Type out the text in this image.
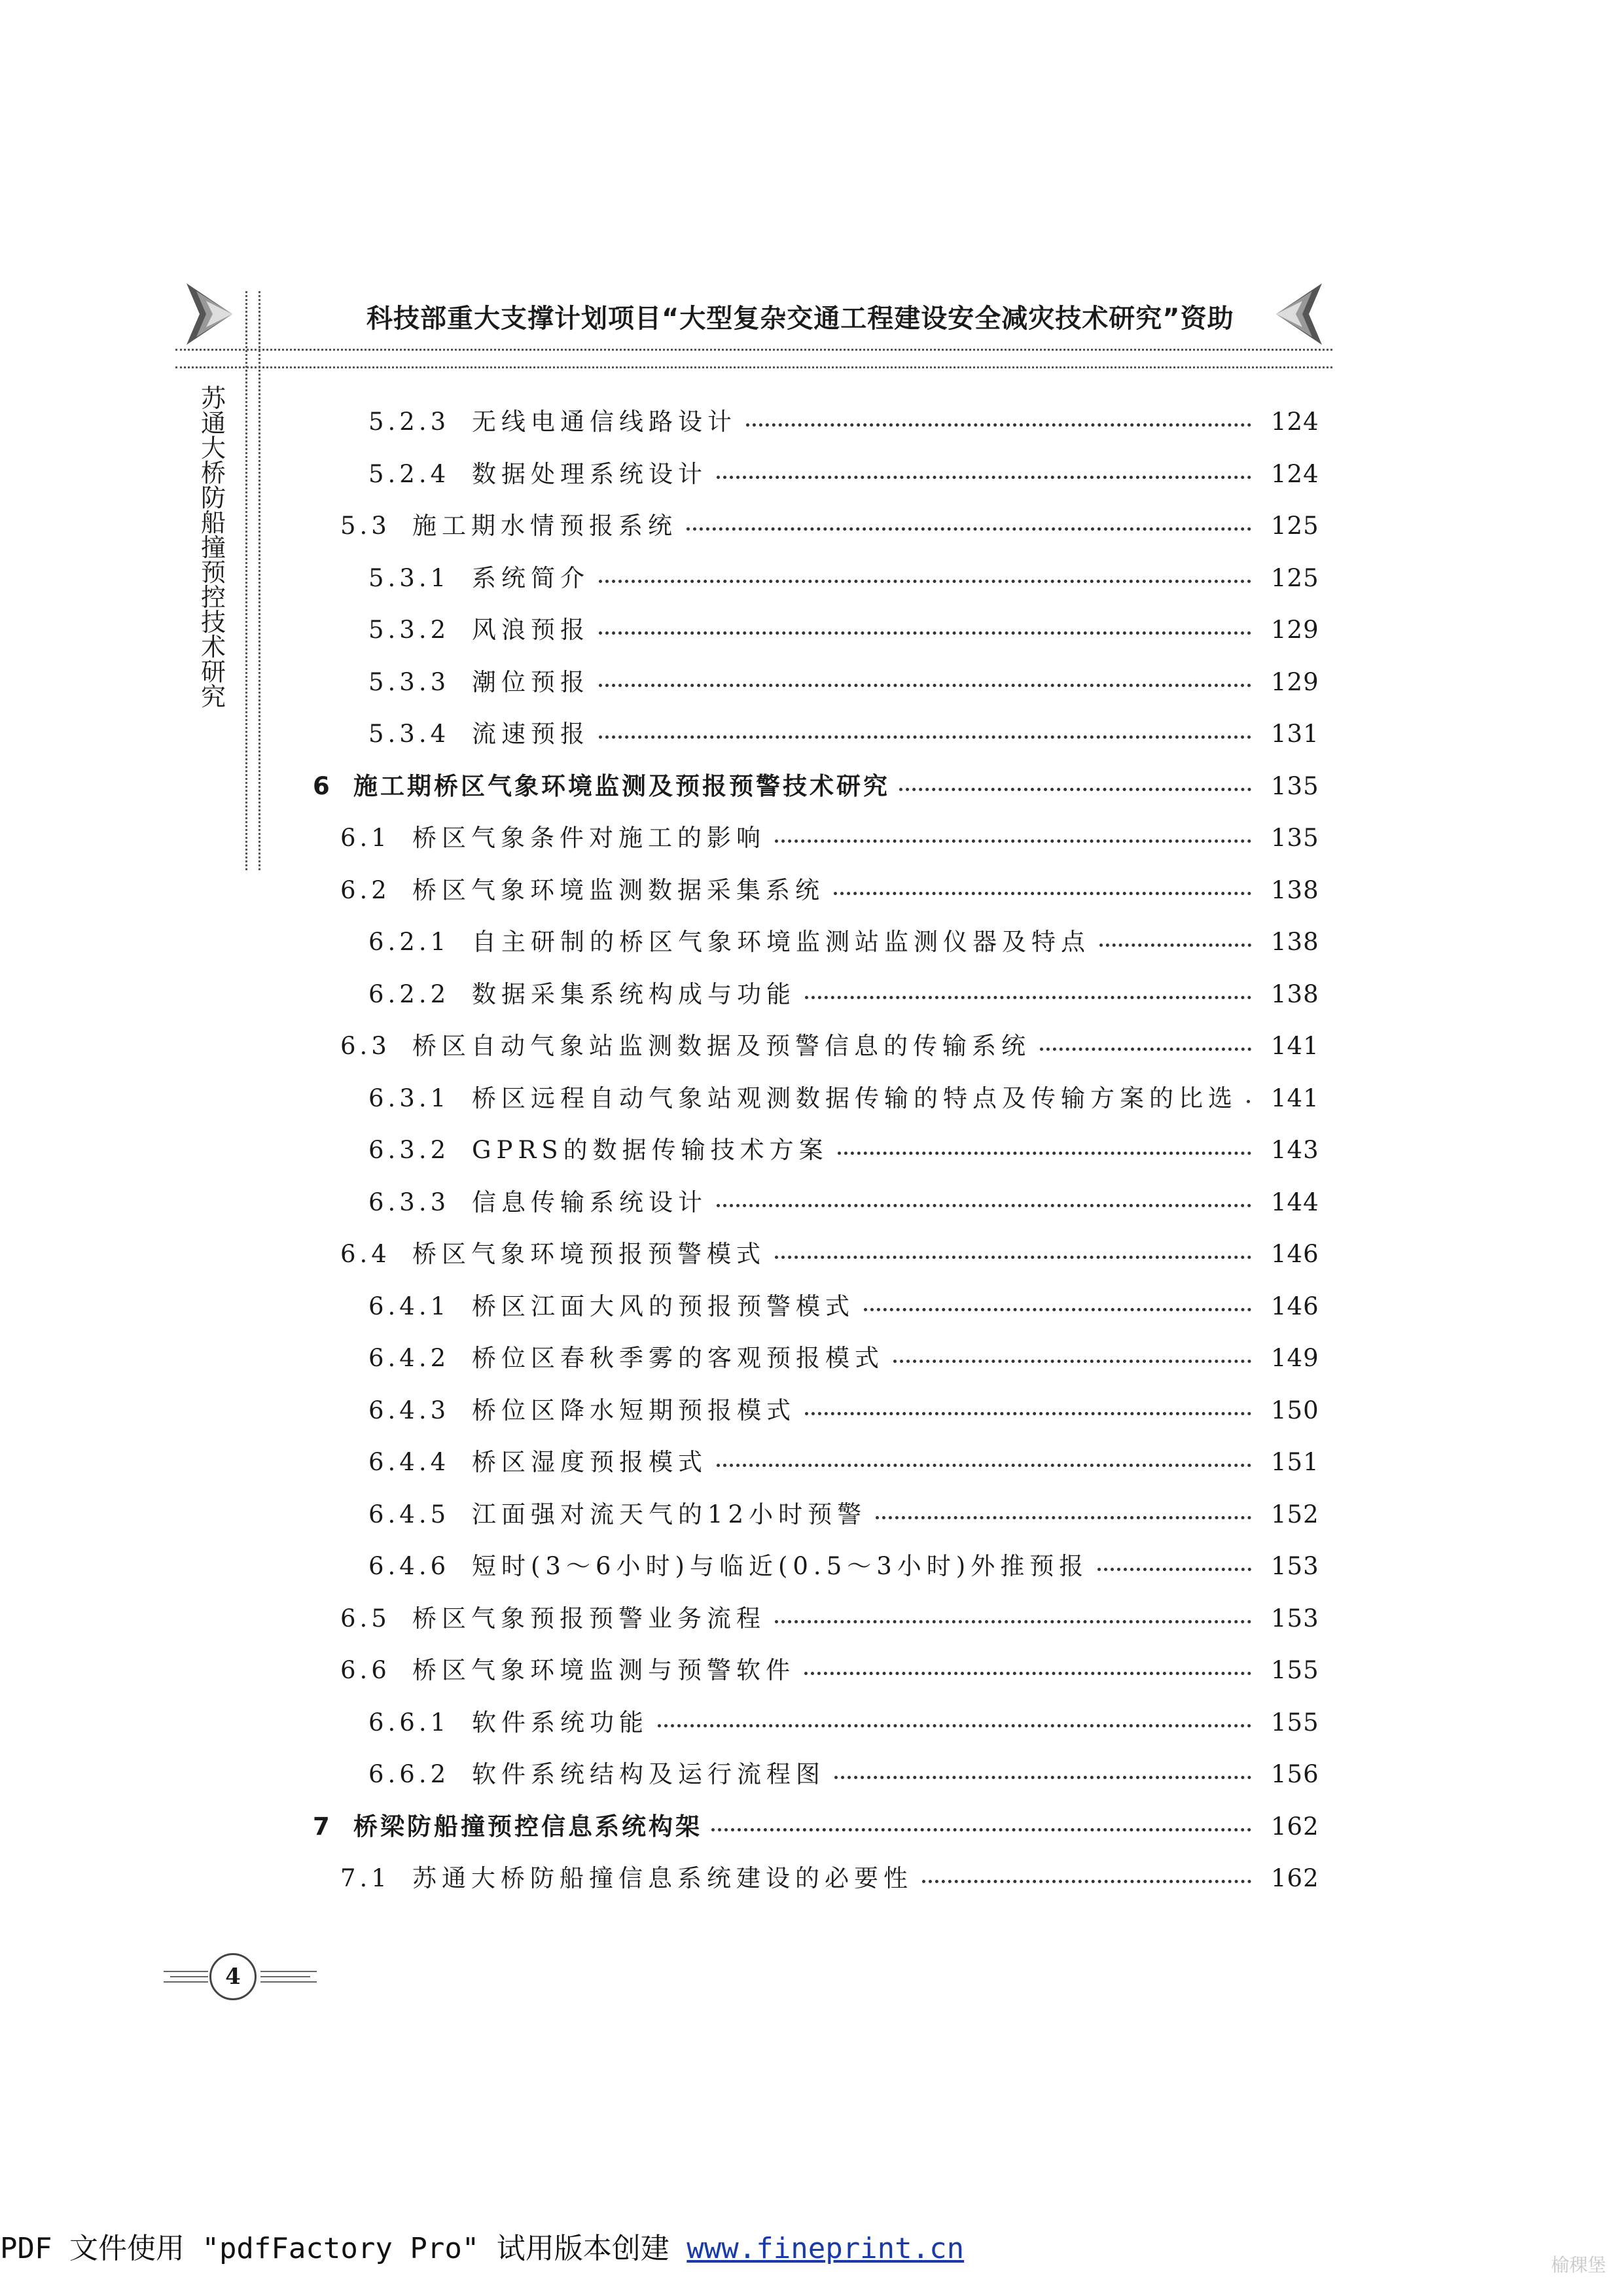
科技部重大支撑计划项目“大型复杂交通工程建设安全减灾技术研究”资助
苏
通
大
桥
防
船
撞
预
控
技
术
研
究
5.2.3 无线电通信线路设计	124
5.2.4 数据处理系统设计	124
5.3 施工期水情预报系统	125
5.3.1 系统简介	125
5.3.2 风浪预报	129
5.3.3 潮位预报	129
5.3.4 流速预报	131
6 施工期桥区气象环境监测及预报预警技术研究	135
6.1 桥区气象条件对施工的影响	135
6.2 桥区气象环境监测数据采集系统	138
6.2.1 自主研制的桥区气象环境监测站监测仪器及特点	138
6.2.2 数据采集系统构成与功能	138
6.3 桥区自动气象站监测数据及预警信息的传输系统	141
6.3.1 桥区远程自动气象站观测数据传输的特点及传输方案的比选 141
6.3.2 GPRS的数据传输技术方案	143
6.3.3 信息传输系统设计	144
6.4 桥区气象环境预报预警模式	146
6.4.1 桥区江面大风的预报预警模式	146
6.4.2 桥位区春秋季雾的客观预报模式	149
6.4.3 桥位区降水短期预报模式	150
6.4.4 桥区湿度预报模式	151
6.4.5 江面强对流天气的12小时预警	152
6.4.6 短时(3～6小时)与临近(0.5～3小时)外推预报	153
6.5 桥区气象预报预警业务流程	153
6.6 桥区气象环境监测与预警软件	155
6.6.1 软件系统功能	155
6.6.2 软件系统结构及运行流程图	156
7 桥梁防船撞预控信息系统构架	162
7.1 苏通大桥防船撞信息系统建设的必要性	162
4
PDF 文件使用 "pdfFactory Pro" 试用版本创建 www.fineprint.cn	榆稞堡
